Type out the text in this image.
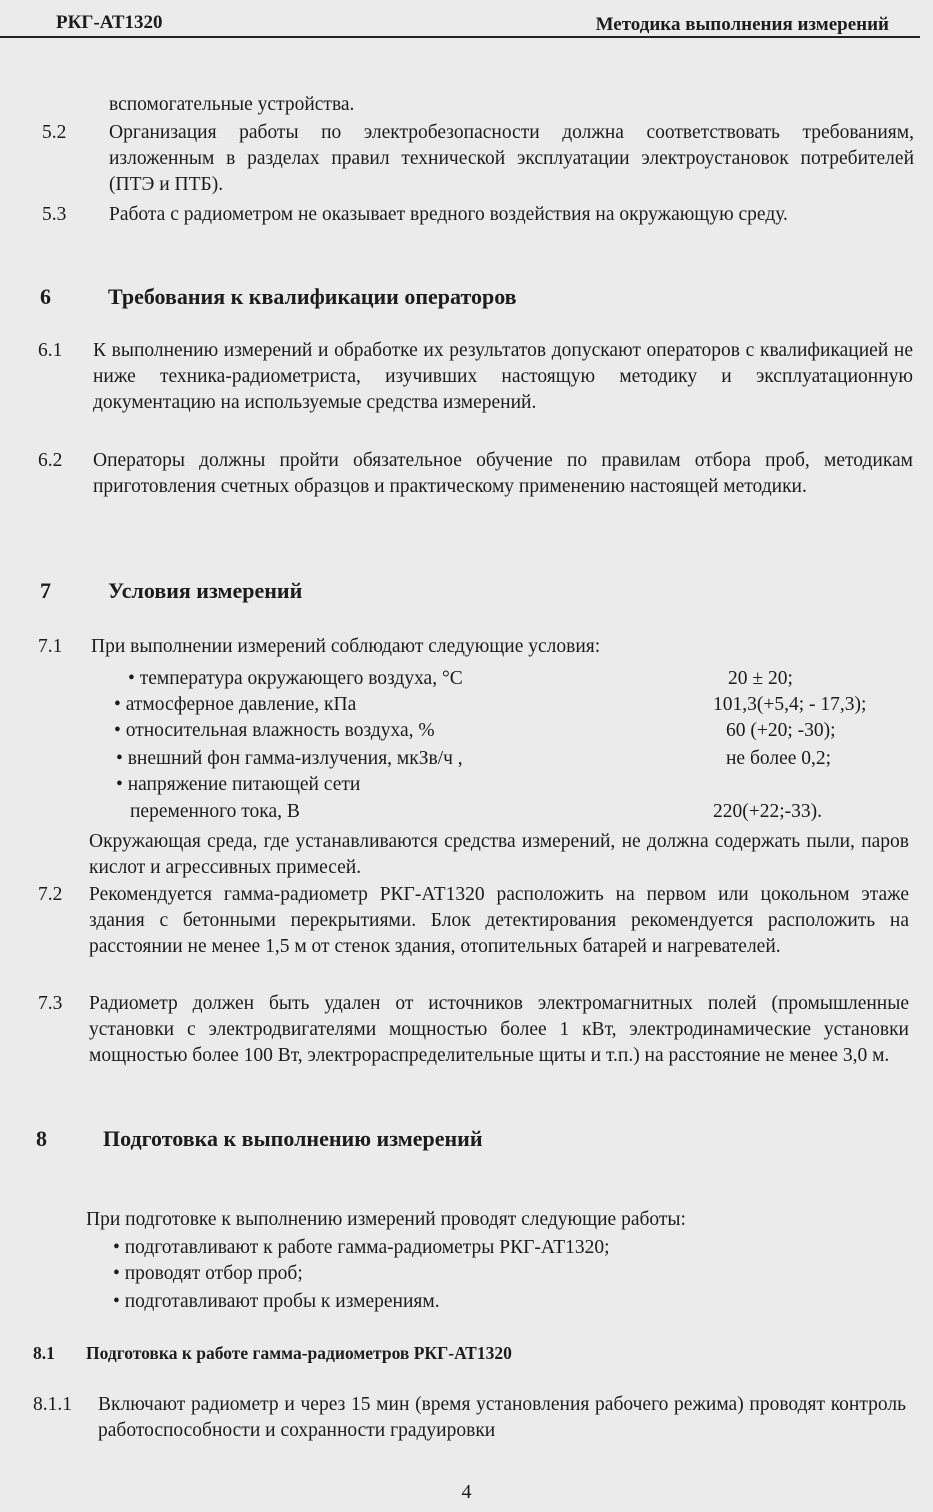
РКГ-АТ1320	Методика выполнения измерений
вспомогательные устройства.
5.2 Организация работы по электробезопасности должна соответствовать требованиям, изложенным в разделах правил технической эксплуатации электроустановок потребителей (ПТЭ и ПТБ).
5.3 Работа с радиометром не оказывает вредного воздействия на окружающую среду.
6	Требования к квалификации операторов
6.1 К выполнению измерений и обработке их результатов допускают операторов с квалификацией не ниже техника-радиометриста, изучивших настоящую методику и эксплуатационную документацию на используемые средства измерений.
6.2 Операторы должны пройти обязательное обучение по правилам отбора проб, методикам приготовления счетных образцов и практическому применению настоящей методики.
7	Условия измерений
7.1 При выполнении измерений соблюдают следующие условия:
• температура окружающего воздуха, °С	20 ± 20;
• атмосферное давление, кПа	101,3(+5,4; - 17,3);
• относительная влажность воздуха, %	60 (+20; -30);
• внешний фон гамма-излучения, мкЗв/ч ,	не более 0,2;
• напряжение питающей сети
переменного тока, В	220(+22;-33).
Окружающая среда, где устанавливаются средства измерений, не должна содержать пыли, паров кислот и агрессивных примесей.
7.2 Рекомендуется гамма-радиометр РКГ-АТ1320 расположить на первом или цокольном этаже здания с бетонными перекрытиями. Блок детектирования рекомендуется расположить на расстоянии не менее 1,5 м от стенок здания, отопительных батарей и нагревателей.
7.3 Радиометр должен быть удален от источников электромагнитных полей (промышленные установки с электродвигателями мощностью более 1 кВт, электродинамические установки мощностью более 100 Вт, электрораспределительные щиты и т.п.) на расстояние не менее 3,0 м.
8	Подготовка к выполнению измерений
При подготовке к выполнению измерений проводят следующие работы:
• подготавливают к работе гамма-радиометры РКГ-АТ1320;
• проводят отбор проб;
• подготавливают пробы к измерениям.
8.1 Подготовка к работе гамма-радиометров РКГ-АТ1320
8.1.1 Включают радиометр и через 15 мин (время установления рабочего режима) проводят контроль работоспособности и сохранности градуировки
4
